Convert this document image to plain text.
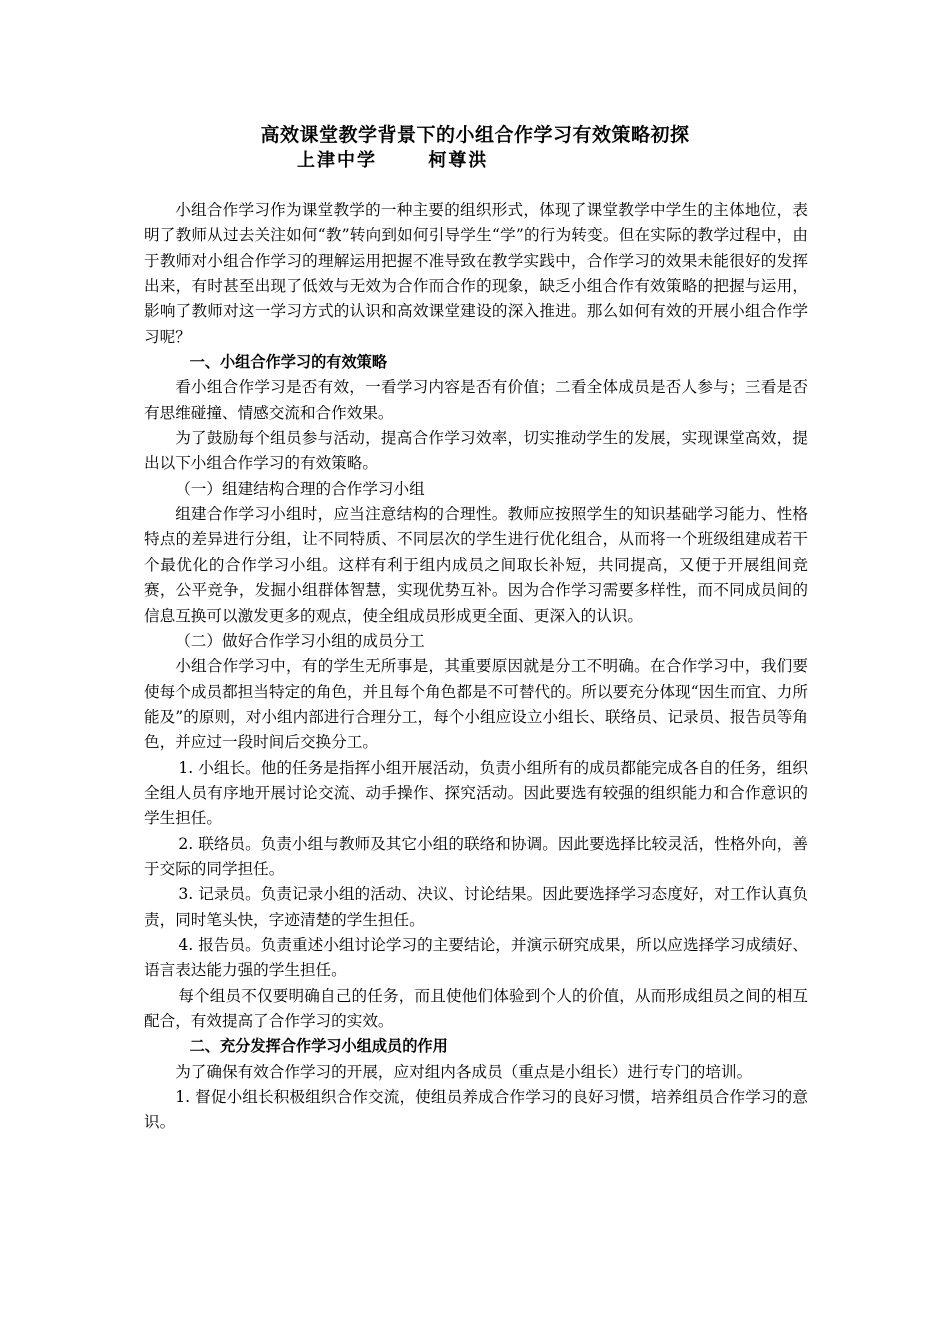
高效课堂教学背景下的小组合作学习有效策略初探
上津中学    柯尊洪

小组合作学习作为课堂教学的一种主要的组织形式，体现了课堂教学中学生的主体地位，表明了教师从过去关注如何“教”转向到如何引导学生“学”的行为转变。但在实际的教学过程中，由于教师对小组合作学习的理解运用把握不准导致在教学实践中，合作学习的效果未能很好的发挥出来，有时甚至出现了低效与无效为合作而合作的现象，缺乏小组合作有效策略的把握与运用，影响了教师对这一学习方式的认识和高效课堂建设的深入推进。那么如何有效的开展小组合作学习呢？

一、小组合作学习的有效策略

看小组合作学习是否有效，一看学习内容是否有价值；二看全体成员是否人参与；三看是否有思维碰撞、情感交流和合作效果。

为了鼓励每个组员参与活动，提高合作学习效率，切实推动学生的发展，实现课堂高效，提出以下小组合作学习的有效策略。

（一）组建结构合理的合作学习小组

组建合作学习小组时，应当注意结构的合理性。教师应按照学生的知识基础学习能力、性格特点的差异进行分组，让不同特质、不同层次的学生进行优化组合，从而将一个班级组建成若干个最优化的合作学习小组。这样有利于组内成员之间取长补短，共同提高，又便于开展组间竞赛，公平竞争，发掘小组群体智慧，实现优势互补。因为合作学习需要多样性，而不同成员间的信息互换可以激发更多的观点，使全组成员形成更全面、更深入的认识。

（二）做好合作学习小组的成员分工

小组合作学习中，有的学生无所事是，其重要原因就是分工不明确。在合作学习中，我们要使每个成员都担当特定的角色，并且每个角色都是不可替代的。所以要充分体现“因生而宜、力所能及”的原则，对小组内部进行合理分工，每个小组应设立小组长、联络员、记录员、报告员等角色，并应过一段时间后交换分工。

1. 小组长。他的任务是指挥小组开展活动，负责小组所有的成员都能完成各自的任务，组织全组人员有序地开展讨论交流、动手操作、探究活动。因此要选有较强的组织能力和合作意识的学生担任。

2. 联络员。负责小组与教师及其它小组的联络和协调。因此要选择比较灵活，性格外向，善于交际的同学担任。

3. 记录员。负责记录小组的活动、决议、讨论结果。因此要选择学习态度好，对工作认真负责，同时笔头快，字迹清楚的学生担任。

4. 报告员。负责重述小组讨论学习的主要结论，并演示研究成果，所以应选择学习成绩好、语言表达能力强的学生担任。

每个组员不仅要明确自己的任务，而且使他们体验到个人的价值，从而形成组员之间的相互配合，有效提高了合作学习的实效。

二、充分发挥合作学习小组成员的作用

为了确保有效合作学习的开展，应对组内各成员（重点是小组长）进行专门的培训。

1. 督促小组长积极组织合作交流，使组员养成合作学习的良好习惯，培养组员合作学习的意识。
